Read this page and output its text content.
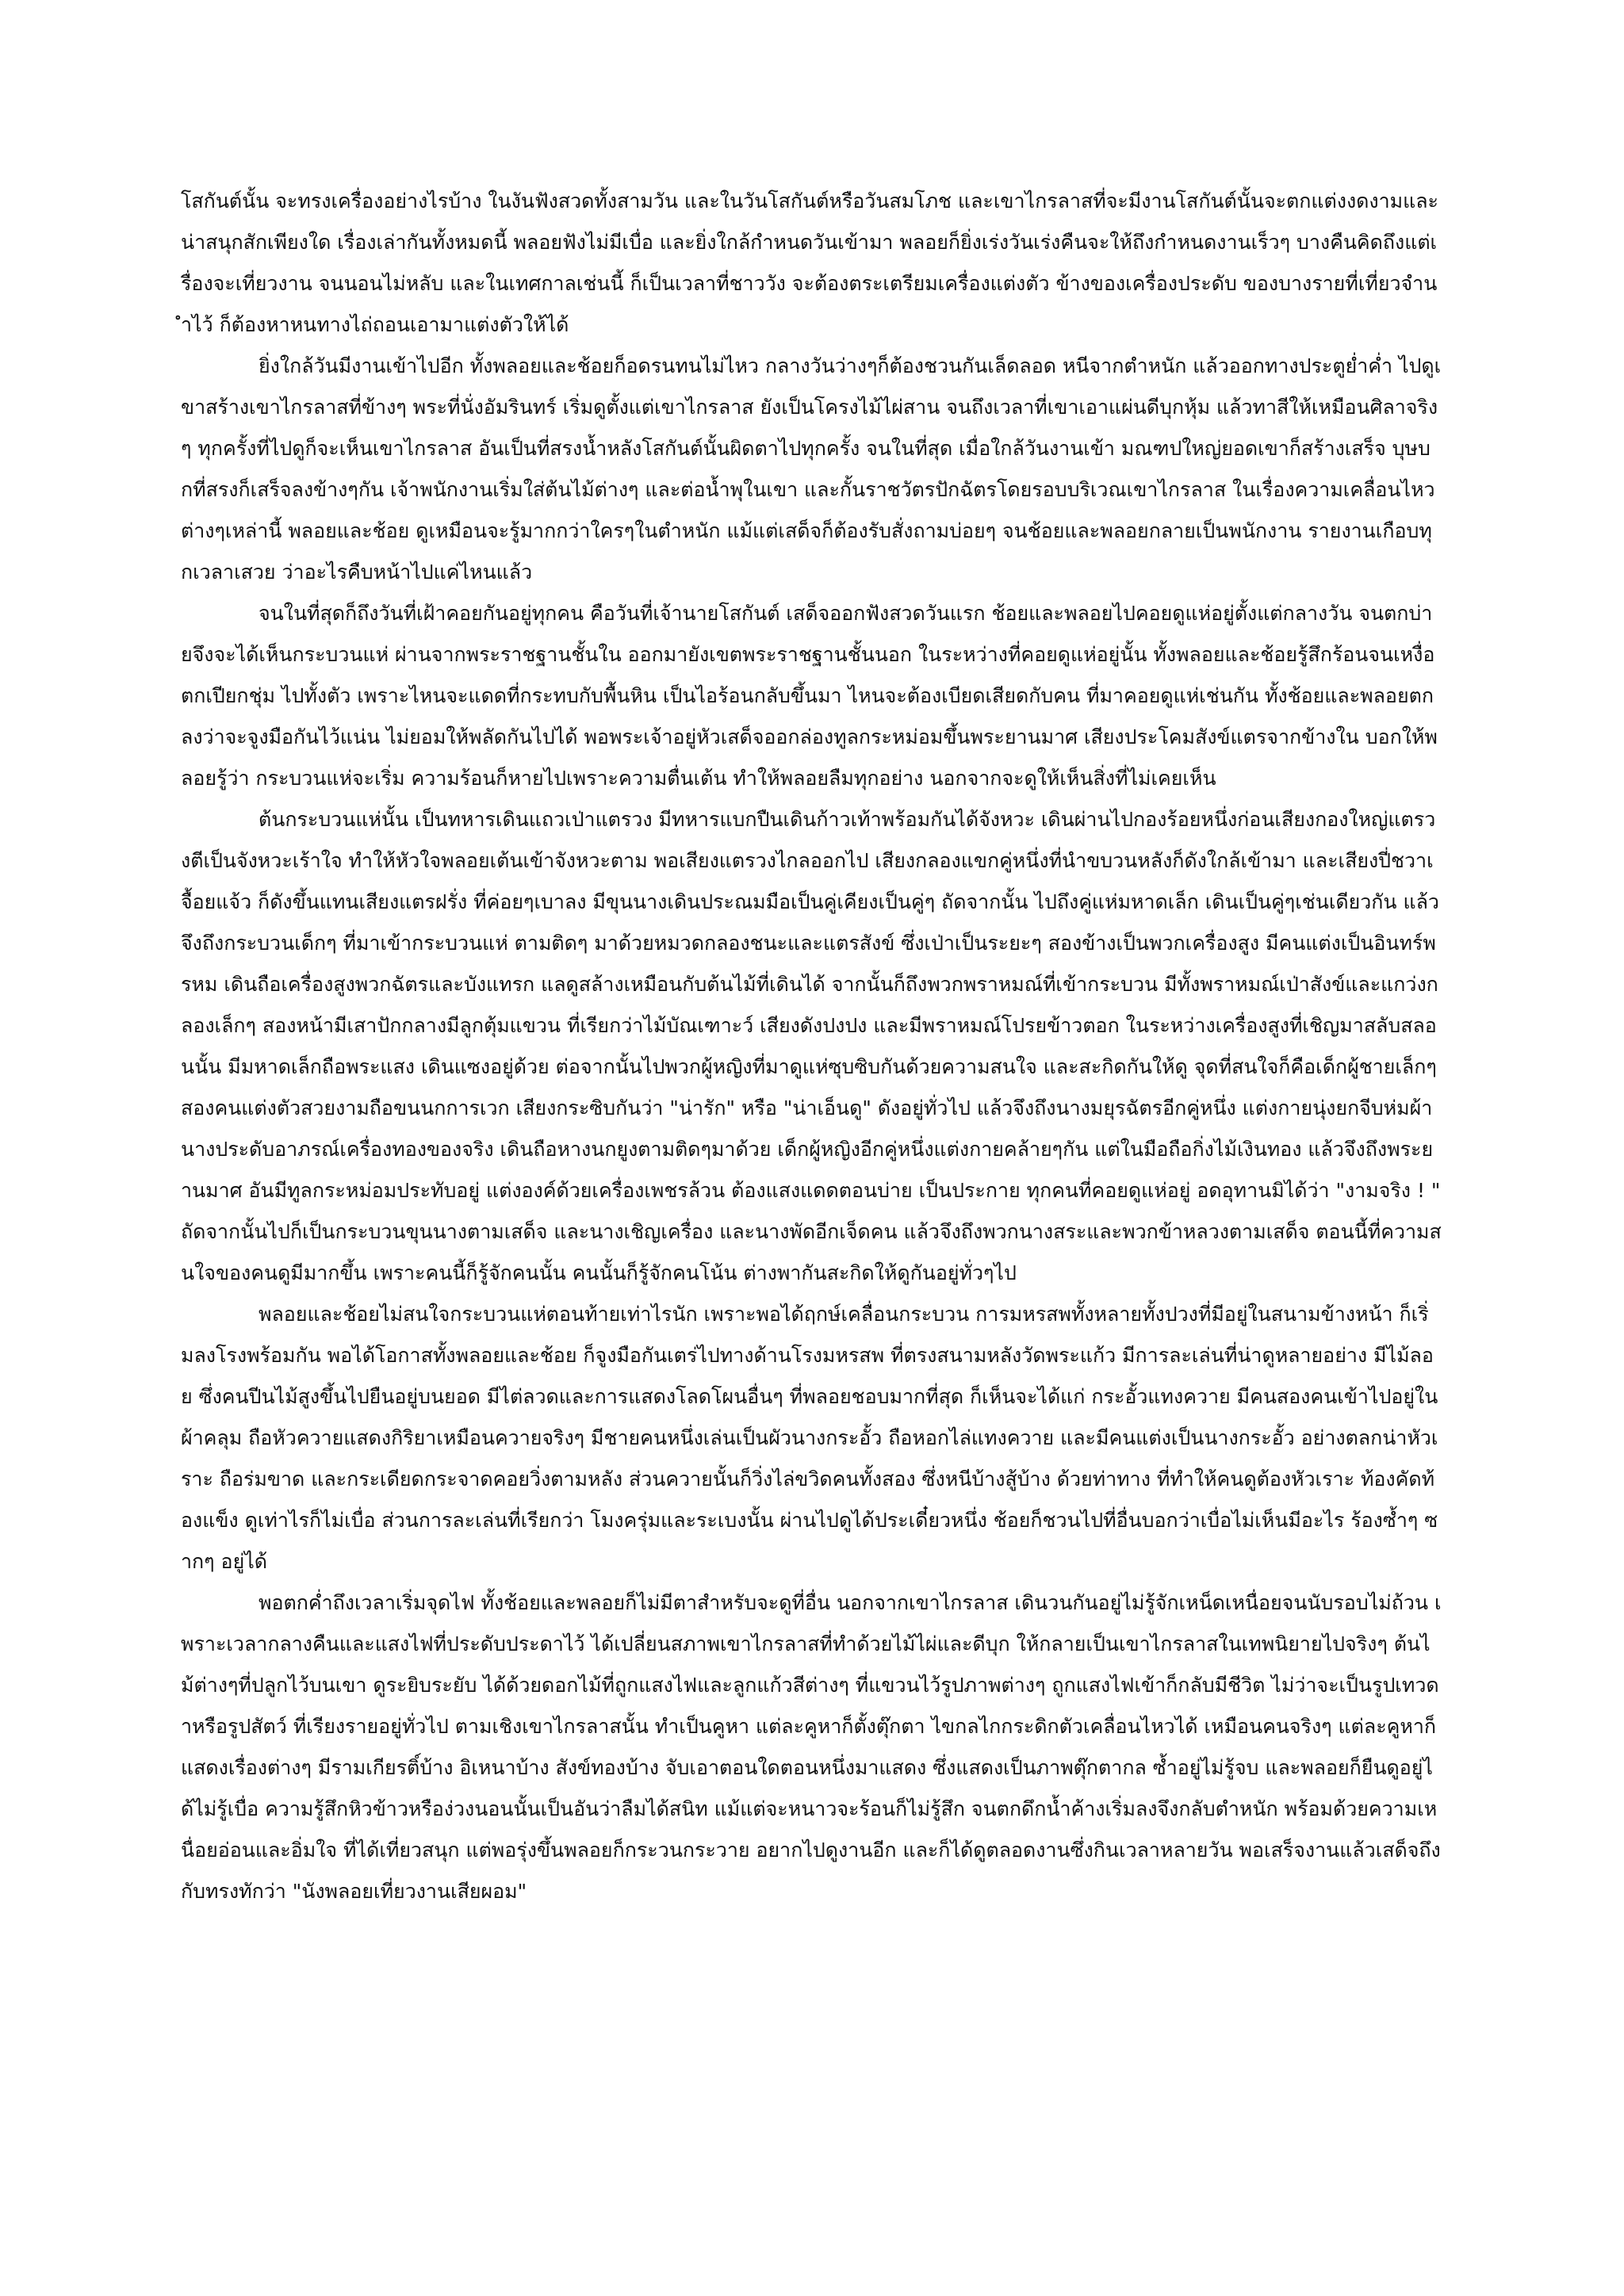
โสกันต์นั้น จะทรงเครื่องอย่างไรบ้าง ในงันฟังสวดทั้งสามวัน และในวันโสกันต์หรือวันสมโภช และเขาไกรลาสที่จะมีงานโสกันต์นั้นจะตกแต่งงดงามและน่าสนุกสักเพียงใด เรื่องเล่ากันทั้งหมดนี้ พลอยฟังไม่มีเบื่อ และยิ่งใกล้กำหนดวันเข้ามา พลอยก็ยิ่งเร่งวันเร่งคืนจะให้ถึงกำหนดงานเร็วๆ บางคืนคิดถึงแต่เรื่องจะเที่ยวงาน จนนอนไม่หลับ และในเทศกาลเช่นนี้ ก็เป็นเวลาที่ชาววัง จะต้องตระเตรียมเครื่องแต่งตัว ข้างของเครื่องประดับ ของบางรายที่เที่ยวจำนำไว้ ก็ต้องหาหนทางไถ่ถอนเอามาแต่งตัวให้ได้

ยิ่งใกล้วันมีงานเข้าไปอีก ทั้งพลอยและช้อยก็อดรนทนไม่ไหว กลางวันว่างๆก็ต้องชวนกันเล็ดลอด หนีจากตำหนัก แล้วออกทางประตูย่ำค่ำ ไปดูเขาสร้างเขาไกรลาสที่ข้างๆ พระที่นั่งอัมรินทร์ เริ่มดูตั้งแต่เขาไกรลาส ยังเป็นโครงไม้ไผ่สาน จนถึงเวลาที่เขาเอาแผ่นดีบุกหุ้ม แล้วทาสีให้เหมือนศิลาจริงๆ ทุกครั้งที่ไปดูก็จะเห็นเขาไกรลาส อันเป็นที่สรงน้ำหลังโสกันต์นั้นผิดตาไปทุกครั้ง จนในที่สุด เมื่อใกล้วันงานเข้า มณฑปใหญ่ยอดเขาก็สร้างเสร็จ บุษบกที่สรงก็เสร็จลงข้างๆกัน เจ้าพนักงานเริ่มใส่ต้นไม้ต่างๆ และต่อน้ำพุในเขา และกั้นราชวัตรปักฉัตรโดยรอบบริเวณเขาไกรลาส ในเรื่องความเคลื่อนไหวต่างๆเหล่านี้ พลอยและช้อย ดูเหมือนจะรู้มากกว่าใครๆในตำหนัก แม้แต่เสด็จก็ต้องรับสั่งถามบ่อยๆ จนช้อยและพลอยกลายเป็นพนักงาน รายงานเกือบทุกเวลาเสวย ว่าอะไรคืบหน้าไปแค่ไหนแล้ว

จนในที่สุดก็ถึงวันที่เฝ้าคอยกันอยู่ทุกคน คือวันที่เจ้านายโสกันต์ เสด็จออกฟังสวดวันแรก ช้อยและพลอยไปคอยดูแห่อยู่ตั้งแต่กลางวัน จนตกบ่ายจึงจะได้เห็นกระบวนแห่ ผ่านจากพระราชฐานชั้นใน ออกมายังเขตพระราชฐานชั้นนอก ในระหว่างที่คอยดูแห่อยู่นั้น ทั้งพลอยและช้อยรู้สึกร้อนจนเหงื่อตกเปียกชุ่ม ไปทั้งตัว เพราะไหนจะแดดที่กระทบกับพื้นหิน เป็นไอร้อนกลับขึ้นมา ไหนจะต้องเบียดเสียดกับคน ที่มาคอยดูแห่เช่นกัน ทั้งช้อยและพลอยตกลงว่าจะจูงมือกันไว้แน่น ไม่ยอมให้พลัดกันไปได้ พอพระเจ้าอยู่หัวเสด็จออกล่องทูลกระหม่อมขึ้นพระยานมาศ เสียงประโคมสังข์แตรจากข้างใน บอกให้พลอยรู้ว่า กระบวนแห่จะเริ่ม ความร้อนก็หายไปเพราะความตื่นเต้น ทำให้พลอยลืมทุกอย่าง นอกจากจะดูให้เห็นสิ่งที่ไม่เคยเห็น

ต้นกระบวนแห่นั้น เป็นทหารเดินแถวเป่าแตรวง มีทหารแบกปืนเดินก้าวเท้าพร้อมกันได้จังหวะ เดินผ่านไปกองร้อยหนึ่งก่อนเสียงกองใหญ่แตรวงตีเป็นจังหวะเร้าใจ ทำให้หัวใจพลอยเต้นเข้าจังหวะตาม พอเสียงแตรวงไกลออกไป เสียงกลองแขกคู่หนึ่งที่นำขบวนหลังก็ดังใกล้เข้ามา และเสียงปี่ชวาเจื้อยแจ้ว ก็ดังขึ้นแทนเสียงแตรฝรั่ง ที่ค่อยๆเบาลง มีขุนนางเดินประณมมือเป็นคู่เคียงเป็นคู่ๆ ถัดจากนั้น ไปถึงคู่แห่มหาดเล็ก เดินเป็นคู่ๆเช่นเดียวกัน แล้วจึงถึงกระบวนเด็กๆ ที่มาเข้ากระบวนแห่ ตามติดๆ มาด้วยหมวดกลองชนะและแตรสังข์ ซึ่งเป่าเป็นระยะๆ สองข้างเป็นพวกเครื่องสูง มีคนแต่งเป็นอินทร์พรหม เดินถือเครื่องสูงพวกฉัตรและบังแทรก แลดูสล้างเหมือนกับต้นไม้ที่เดินได้ จากนั้นก็ถึงพวกพราหมณ์ที่เข้ากระบวน มีทั้งพราหมณ์เป่าสังข์และแกว่งกลองเล็กๆ สองหน้ามีเสาปักกลางมีลูกตุ้มแขวน ที่เรียกว่าไม้บัณเฑาะว์ เสียงดังปงปง และมีพราหมณ์โปรยข้าวตอก ในระหว่างเครื่องสูงที่เชิญมาสลับสลอนนั้น มีมหาดเล็กถือพระแสง เดินแซงอยู่ด้วย ต่อจากนั้นไปพวกผู้หญิงที่มาดูแห่ซุบซิบกันด้วยความสนใจ และสะกิดกันให้ดู จุดที่สนใจก็คือเด็กผู้ชายเล็กๆ สองคนแต่งตัวสวยงามถือขนนกการเวก เสียงกระซิบกันว่า "น่ารัก" หรือ "น่าเอ็นดู" ดังอยู่ทั่วไป แล้วจึงถึงนางมยุรฉัตรอีกคู่หนึ่ง แต่งกายนุ่งยกจีบห่มผ้านางประดับอาภรณ์เครื่องทองของจริง เดินถือหางนกยูงตามติดๆมาด้วย เด็กผู้หญิงอีกคู่หนึ่งแต่งกายคล้ายๆกัน แต่ในมือถือกิ่งไม้เงินทอง แล้วจึงถึงพระยานมาศ อันมีทูลกระหม่อมประทับอยู่ แต่งองค์ด้วยเครื่องเพชรล้วน ต้องแสงแดดตอนบ่าย เป็นประกาย ทุกคนที่คอยดูแห่อยู่ อดอุทานมิได้ว่า "งามจริง ! " ถัดจากนั้นไปก็เป็นกระบวนขุนนางตามเสด็จ และนางเชิญเครื่อง และนางพัดอีกเจ็ดคน แล้วจึงถึงพวกนางสระและพวกข้าหลวงตามเสด็จ ตอนนี้ที่ความสนใจของคนดูมีมากขึ้น เพราะคนนี้ก็รู้จักคนนั้น คนนั้นก็รู้จักคนโน้น ต่างพากันสะกิดให้ดูกันอยู่ทั่วๆไป

พลอยและช้อยไม่สนใจกระบวนแห่ตอนท้ายเท่าไรนัก เพราะพอได้ฤกษ์เคลื่อนกระบวน การมหรสพทั้งหลายทั้งปวงที่มีอยู่ในสนามข้างหน้า ก็เริ่มลงโรงพร้อมกัน พอได้โอกาสทั้งพลอยและช้อย ก็จูงมือกันเตร่ไปทางด้านโรงมหรสพ ที่ตรงสนามหลังวัดพระแก้ว มีการละเล่นที่น่าดูหลายอย่าง มีไม้ลอย ซึ่งคนปีนไม้สูงขึ้นไปยืนอยู่บนยอด มีไต่ลวดและการแสดงโลดโผนอื่นๆ ที่พลอยชอบมากที่สุด ก็เห็นจะได้แก่ กระอั้วแทงควาย มีคนสองคนเข้าไปอยู่ในผ้าคลุม ถือหัวควายแสดงกิริยาเหมือนควายจริงๆ มีชายคนหนึ่งเล่นเป็นผัวนางกระอั้ว ถือหอกไล่แทงควาย และมีคนแต่งเป็นนางกระอั้ว อย่างตลกน่าหัวเราะ ถือร่มขาด และกระเดียดกระจาดคอยวิ่งตามหลัง ส่วนควายนั้นก็วิ่งไล่ขวิดคนทั้งสอง ซึ่งหนีบ้างสู้บ้าง ด้วยท่าทาง ที่ทำให้คนดูต้องหัวเราะ ท้องคัดท้องแข็ง ดูเท่าไรก็ไม่เบื่อ ส่วนการละเล่นที่เรียกว่า โมงครุ่มและระเบงนั้น ผ่านไปดูได้ประเดี๋ยวหนึ่ง ช้อยก็ชวนไปที่อื่นบอกว่าเบื่อไม่เห็นมีอะไร ร้องซ้ำๆ ซากๆ อยู่ได้

พอตกค่ำถึงเวลาเริ่มจุดไฟ ทั้งช้อยและพลอยก็ไม่มีตาสำหรับจะดูที่อื่น นอกจากเขาไกรลาส เดินวนกันอยู่ไม่รู้จักเหน็ดเหนื่อยจนนับรอบไม่ถ้วน เพราะเวลากลางคืนและแสงไฟที่ประดับประดาไว้ ได้เปลี่ยนสภาพเขาไกรลาสที่ทำด้วยไม้ไผ่และดีบุก ให้กลายเป็นเขาไกรลาสในเทพนิยายไปจริงๆ ต้นไม้ต่างๆที่ปลูกไว้บนเขา ดูระยิบระยับ ได้ด้วยดอกไม้ที่ถูกแสงไฟและลูกแก้วสีต่างๆ ที่แขวนไว้รูปภาพต่างๆ ถูกแสงไฟเข้าก็กลับมีชีวิต ไม่ว่าจะเป็นรูปเทวดาหรือรูปสัตว์ ที่เรียงรายอยู่ทั่วไป ตามเชิงเขาไกรลาสนั้น ทำเป็นคูหา แต่ละคูหาก็ตั้งตุ๊กตา ไขกลไกกระดิกตัวเคลื่อนไหวได้ เหมือนคนจริงๆ แต่ละคูหาก็แสดงเรื่องต่างๆ มีรามเกียรติ์บ้าง อิเหนาบ้าง สังข์ทองบ้าง จับเอาตอนใดตอนหนึ่งมาแสดง ซึ่งแสดงเป็นภาพตุ๊กตากล ซ้ำอยู่ไม่รู้จบ และพลอยก็ยืนดูอยู่ได้ไม่รู้เบื่อ ความรู้สึกหิวข้าวหรือง่วงนอนนั้นเป็นอันว่าลืมได้สนิท แม้แต่จะหนาวจะร้อนก็ไม่รู้สึก จนตกดึกน้ำค้างเริ่มลงจึงกลับตำหนัก พร้อมด้วยความเหนื่อยอ่อนและอิ่มใจ ที่ได้เที่ยวสนุก แต่พอรุ่งขึ้นพลอยก็กระวนกระวาย อยากไปดูงานอีก และก็ได้ดูตลอดงานซึ่งกินเวลาหลายวัน พอเสร็จงานแล้วเสด็จถึงกับทรงทักว่า "นังพลอยเที่ยวงานเสียผอม"
